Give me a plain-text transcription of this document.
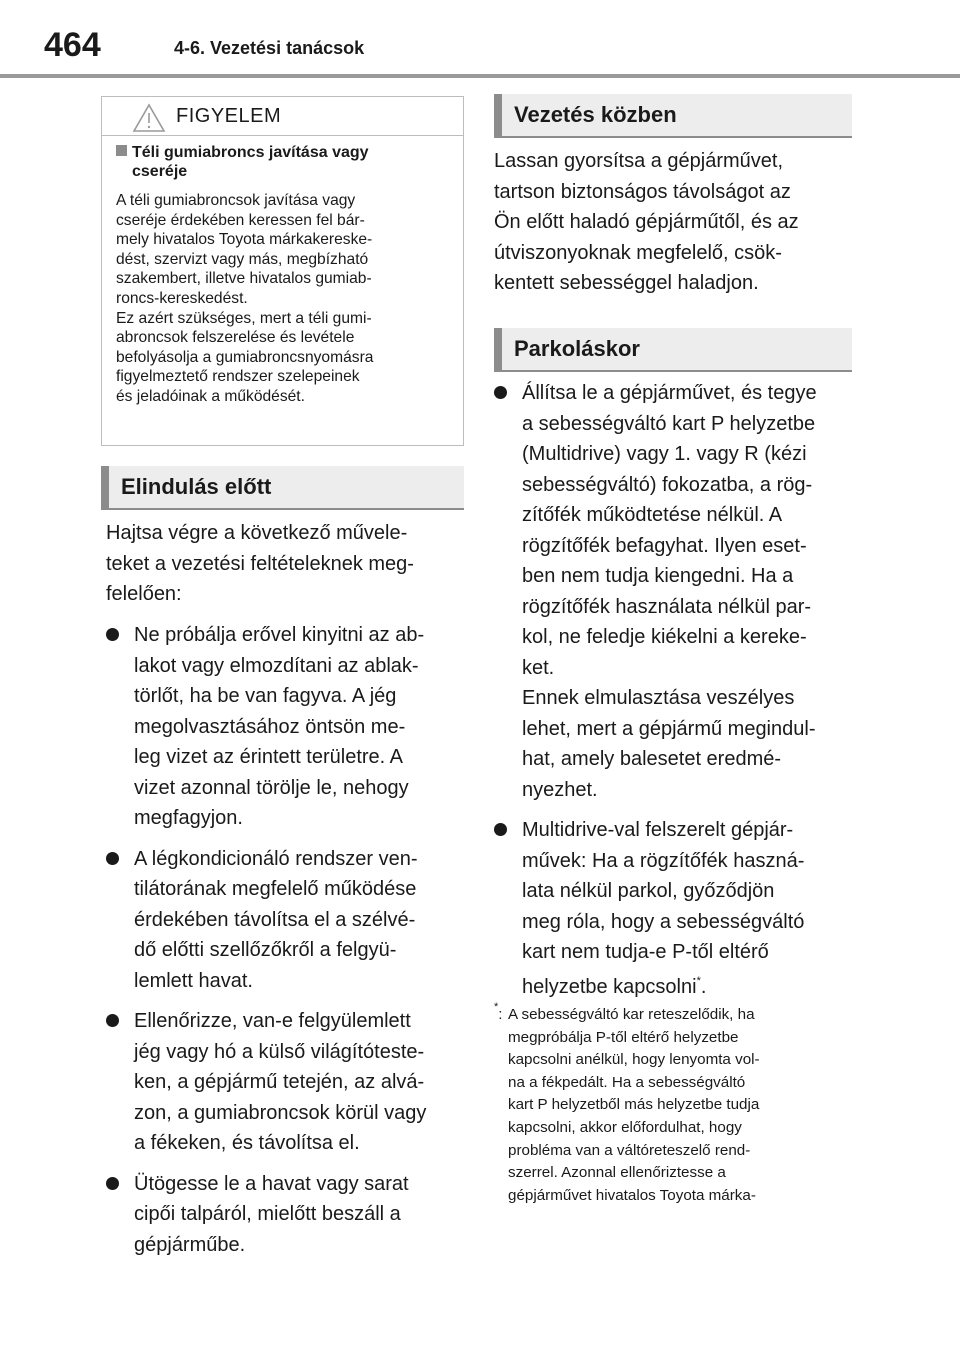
464	4-6. Vezetési tanácsok
FIGYELEM
Téli gumiabroncs javítása vagy
cseréje

A téli gumiabroncsok javítása vagy

cseréje érdekében keressen fel bár-

mely hivatalos Toyota márkakereske-

dést, szervizt vagy más, megbízható

szakembert, illetve hivatalos gumiab-

roncs-kereskedést.

Ez azért szükséges, mert a téli gumi-

abroncsok felszerelése és levétele

befolyásolja a gumiabroncsnyomásra

figyelmeztető rendszer szelepeinek

és jeladóinak a működését.

Elindulás előtt

Hajtsa végre a következő művele-

teket a vezetési feltételeknek meg-

felelően:

Ne próbálja erővel kinyitni az ab-
lakot vagy elmozdítani az ablak-
törlőt, ha be van fagyva. A jég
megolvasztásához öntsön me-
leg vizet az érintett területre. A
vizet azonnal törölje le, nehogy
megfagyjon.
A légkondicionáló rendszer ven-
tilátorának megfelelő működése
érdekében távolítsa el a szélvé-
dő előtti szellőzőkről a felgyü-
lemlett havat.
Ellenőrizze, van-e felgyülemlett
jég vagy hó a külső világítóteste-
ken, a gépjármű tetején, az alvá-
zon, a gumiabroncsok körül vagy
a fékeken, és távolítsa el.
Ütögesse le a havat vagy sarat
cipői talpáról, mielőtt beszáll a
gépjárműbe.
Vezetés közben

Lassan gyorsítsa a gépjárművet,

tartson biztonságos távolságot az

Ön előtt haladó gépjárműtől, és az

útviszonyoknak megfelelő, csök-

kentett sebességgel haladjon.

Parkoláskor
Állítsa le a gépjárművet, és tegye
a sebességváltó kart P helyzetbe
(Multidrive) vagy 1. vagy R (kézi
sebességváltó) fokozatba, a rög-
zítőfék működtetése nélkül. A
rögzítőfék befagyhat. Ilyen eset-
ben nem tudja kiengedni. Ha a
rögzítőfék használata nélkül par-
kol, ne feledje kiékelni a kereke-
ket.
Ennek elmulasztása veszélyes
lehet, mert a gépjármű megindul-
hat, amely balesetet eredmé-
nyezhet.
Multidrive-val felszerelt gépjár-
művek: Ha a rögzítőfék haszná-
lata nélkül parkol, győződjön
meg róla, hogy a sebességváltó
kart nem tudja-e P-től eltérő
helyzetbe kapcsolni*.
*: A sebességváltó kar reteszelődik, ha

megpróbálja P-től eltérő helyzetbe

kapcsolni anélkül, hogy lenyomta vol-

na a fékpedált. Ha a sebességváltó

kart P helyzetből más helyzetbe tudja

kapcsolni, akkor előfordulhat, hogy

probléma van a váltóreteszelő rend-

szerrel. Azonnal ellenőriztesse a

gépjárművet hivatalos Toyota márka-
